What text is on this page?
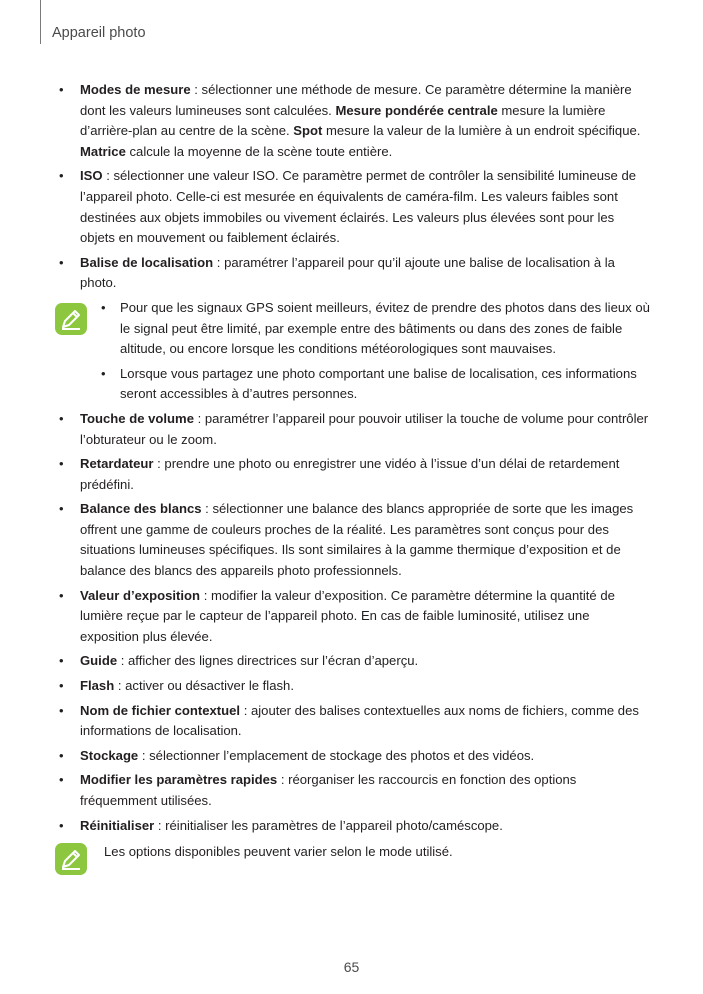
Appareil photo
• Modes de mesure : sélectionner une méthode de mesure. Ce paramètre détermine la manière dont les valeurs lumineuses sont calculées. Mesure pondérée centrale mesure la lumière d’arrière-plan au centre de la scène. Spot mesure la valeur de la lumière à un endroit spécifique. Matrice calcule la moyenne de la scène toute entière.
• ISO : sélectionner une valeur ISO. Ce paramètre permet de contrôler la sensibilité lumineuse de l’appareil photo. Celle-ci est mesurée en équivalents de caméra-film. Les valeurs faibles sont destinées aux objets immobiles ou vivement éclairés. Les valeurs plus élevées sont pour les objets en mouvement ou faiblement éclairés.
• Balise de localisation : paramétrer l’appareil pour qu’il ajoute une balise de localisation à la photo.
• Pour que les signaux GPS soient meilleurs, évitez de prendre des photos dans des lieux où le signal peut être limité, par exemple entre des bâtiments ou dans des zones de faible altitude, ou encore lorsque les conditions météorologiques sont mauvaises.
• Lorsque vous partagez une photo comportant une balise de localisation, ces informations seront accessibles à d’autres personnes.
• Touche de volume : paramétrer l’appareil pour pouvoir utiliser la touche de volume pour contrôler l’obturateur ou le zoom.
• Retardateur : prendre une photo ou enregistrer une vidéo à l’issue d’un délai de retardement prédéfini.
• Balance des blancs : sélectionner une balance des blancs appropriée de sorte que les images offrent une gamme de couleurs proches de la réalité. Les paramètres sont conçus pour des situations lumineuses spécifiques. Ils sont similaires à la gamme thermique d’exposition et de balance des blancs des appareils photo professionnels.
• Valeur d’exposition : modifier la valeur d’exposition. Ce paramètre détermine la quantité de lumière reçue par le capteur de l’appareil photo. En cas de faible luminosité, utilisez une exposition plus élevée.
• Guide : afficher des lignes directrices sur l’écran d’aperçu.
• Flash : activer ou désactiver le flash.
• Nom de fichier contextuel : ajouter des balises contextuelles aux noms de fichiers, comme des informations de localisation.
• Stockage : sélectionner l’emplacement de stockage des photos et des vidéos.
• Modifier les paramètres rapides : réorganiser les raccourcis en fonction des options fréquemment utilisées.
• Réinitialiser : réinitialiser les paramètres de l’appareil photo/caméscope.
Les options disponibles peuvent varier selon le mode utilisé.
65
